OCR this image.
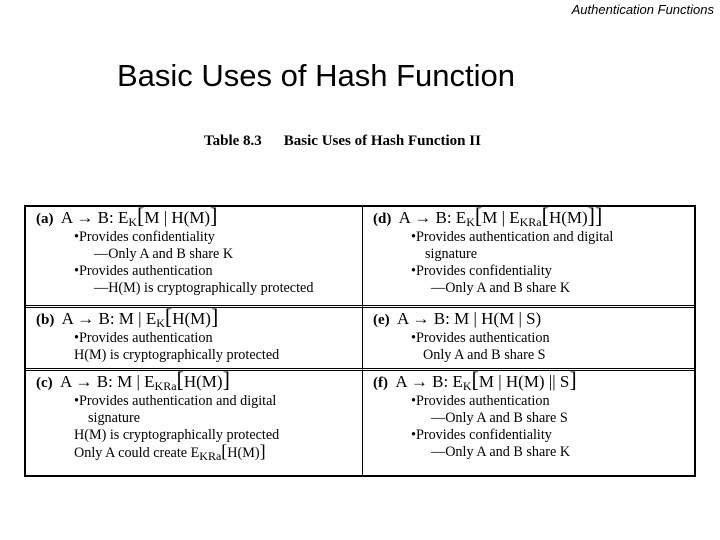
Authentication Functions
Basic Uses of Hash Function
Table 8.3 Basic Uses of Hash Function II
(a) A → B: $E_K[M$ | H(M)]
•Provides confidentiality
—Only A and B share K
•Provides authentication
—H(M) is cryptographically protected
(d) A → B: $E_K[M$ | $E_{KRa}[H(M)]$]
•Provides authentication and digital
signature
•Provides confidentiality
—Only A and B share K
(b) A → B: M | $E_K[H(M)]$
•Provides authentication
H(M) is cryptographically protected
(e) A → B: M | H(M | S)
•Provides authentication
Only A and B share S
(c) A → B: M | $E_{KRa}[H(M)]$
•Provides authentication and digital
signature
H(M) is cryptographically protected
Only A could create $E_{KRa}[H(M)]$
(f) A → B: $E_K[M$ | H(M) || S]
•Provides authentication
—Only A and B share S
•Provides confidentiality
—Only A and B share K
